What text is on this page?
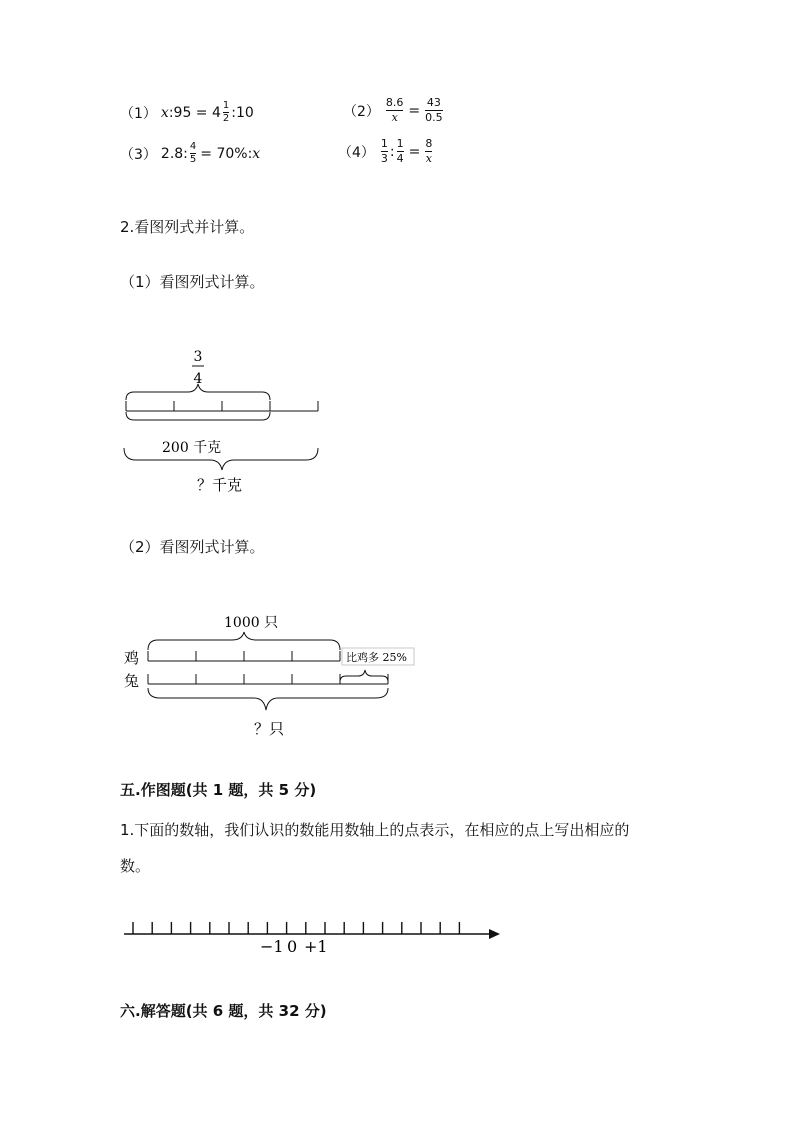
（1） x :95 = $4 \frac{1}{2}$ :10	$(2) \frac{8.6}{x} = \frac{43}{0.5}$
（3） 2.8: $\frac{4}{5} = 70\%$: x	$(4) \frac{1}{3}$ : $\frac{1}{4} = \frac{8}{x}$
2.看图列式并计算。
（1）看图列式计算。
（2）看图列式计算。
3
4
200 千克
？千克
1000 只
鸡
兔
比鸡多 25%
？只
−1 0 +1
五.作图题(共 1 题，共 5 分)
1.下面的数轴，我们认识的数能用数轴上的点表示，在相应的点上写出相应的
数。
六.解答题(共 6 题，共 32 分)
